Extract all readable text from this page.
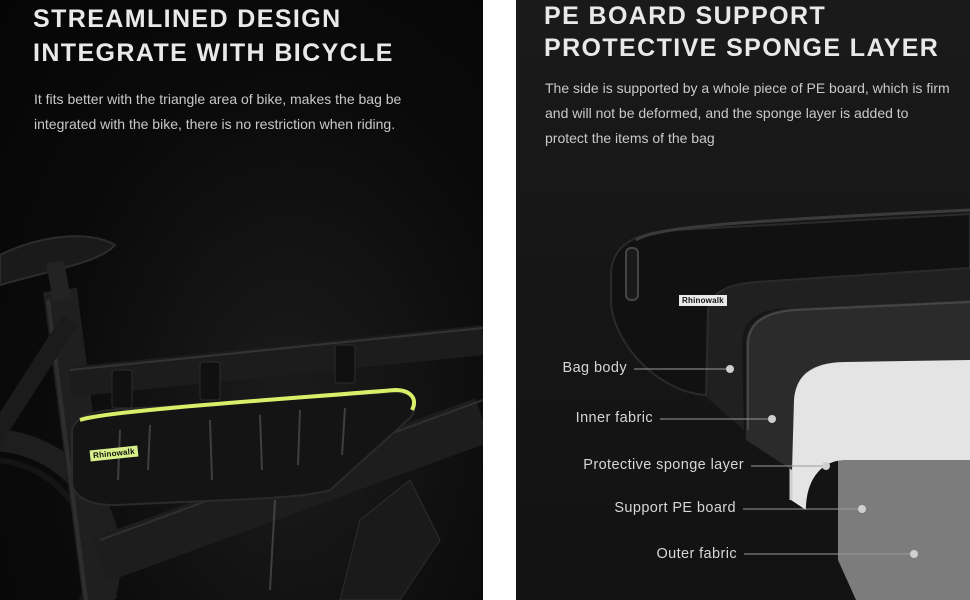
STREAMLINED DESIGN
INTEGRATE WITH BICYCLE

It fits better with the triangle area of bike, makes the bag be integrated with the bike, there is no restriction when riding.

Rhinowalk
PE BOARD SUPPORT
PROTECTIVE SPONGE LAYER

The side is supported by a whole piece of PE board, which is firm and will not be deformed, and the sponge layer is added to protect the items of the bag

Rhinowalk
Bag body
Inner fabric
Protective sponge layer
Support PE board
Outer fabric
